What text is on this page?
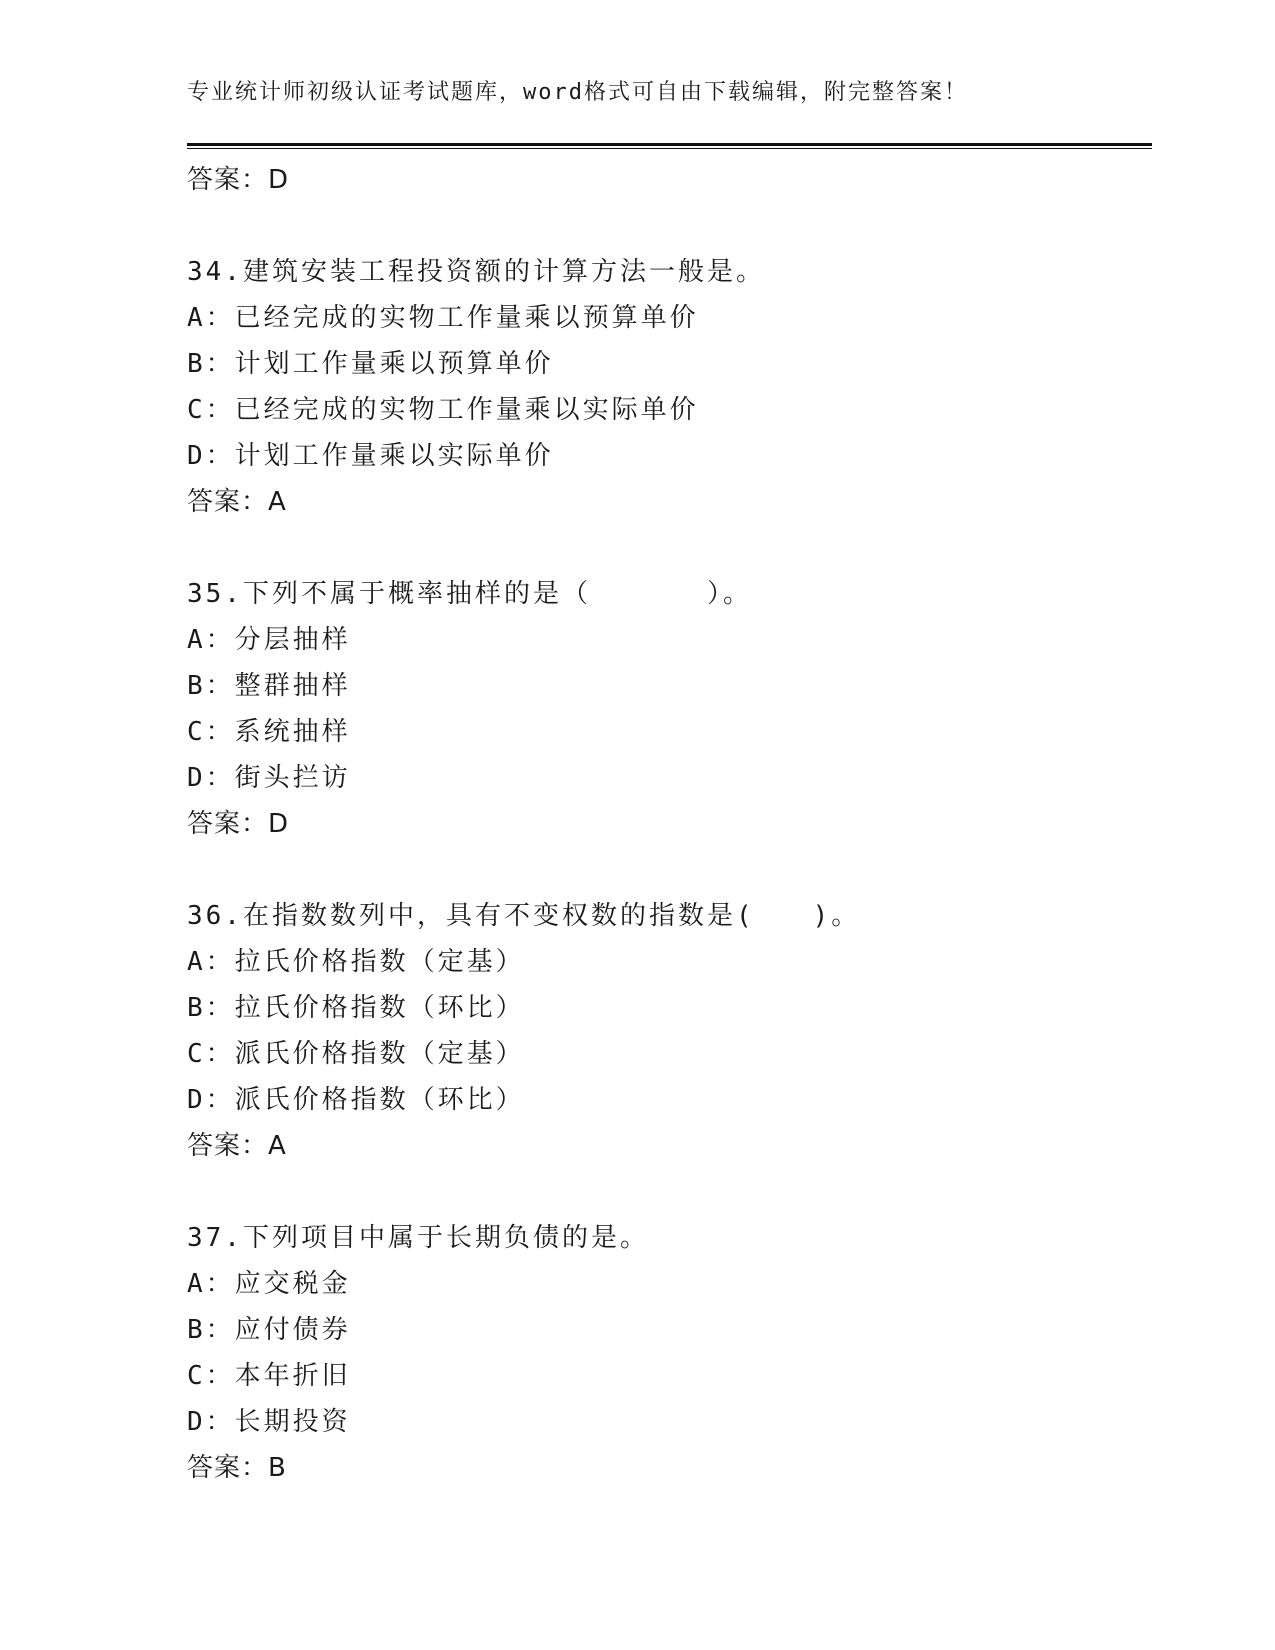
专业统计师初级认证考试题库，word格式可自由下载编辑，附完整答案！
答案：D
34.建筑安装工程投资额的计算方法一般是。
A：已经完成的实物工作量乘以预算单价
B：计划工作量乘以预算单价
C：已经完成的实物工作量乘以实际单价
D：计划工作量乘以实际单价
答案：A
35.下列不属于概率抽样的是（　　　　）。
A：分层抽样
B：整群抽样
C：系统抽样
D：街头拦访
答案：D
36.在指数数列中，具有不变权数的指数是(　　)。
A：拉氏价格指数（定基）
B：拉氏价格指数（环比）
C：派氏价格指数（定基）
D：派氏价格指数（环比）
答案：A
37.下列项目中属于长期负债的是。
A：应交税金
B：应付债券
C：本年折旧
D：长期投资
答案：B
